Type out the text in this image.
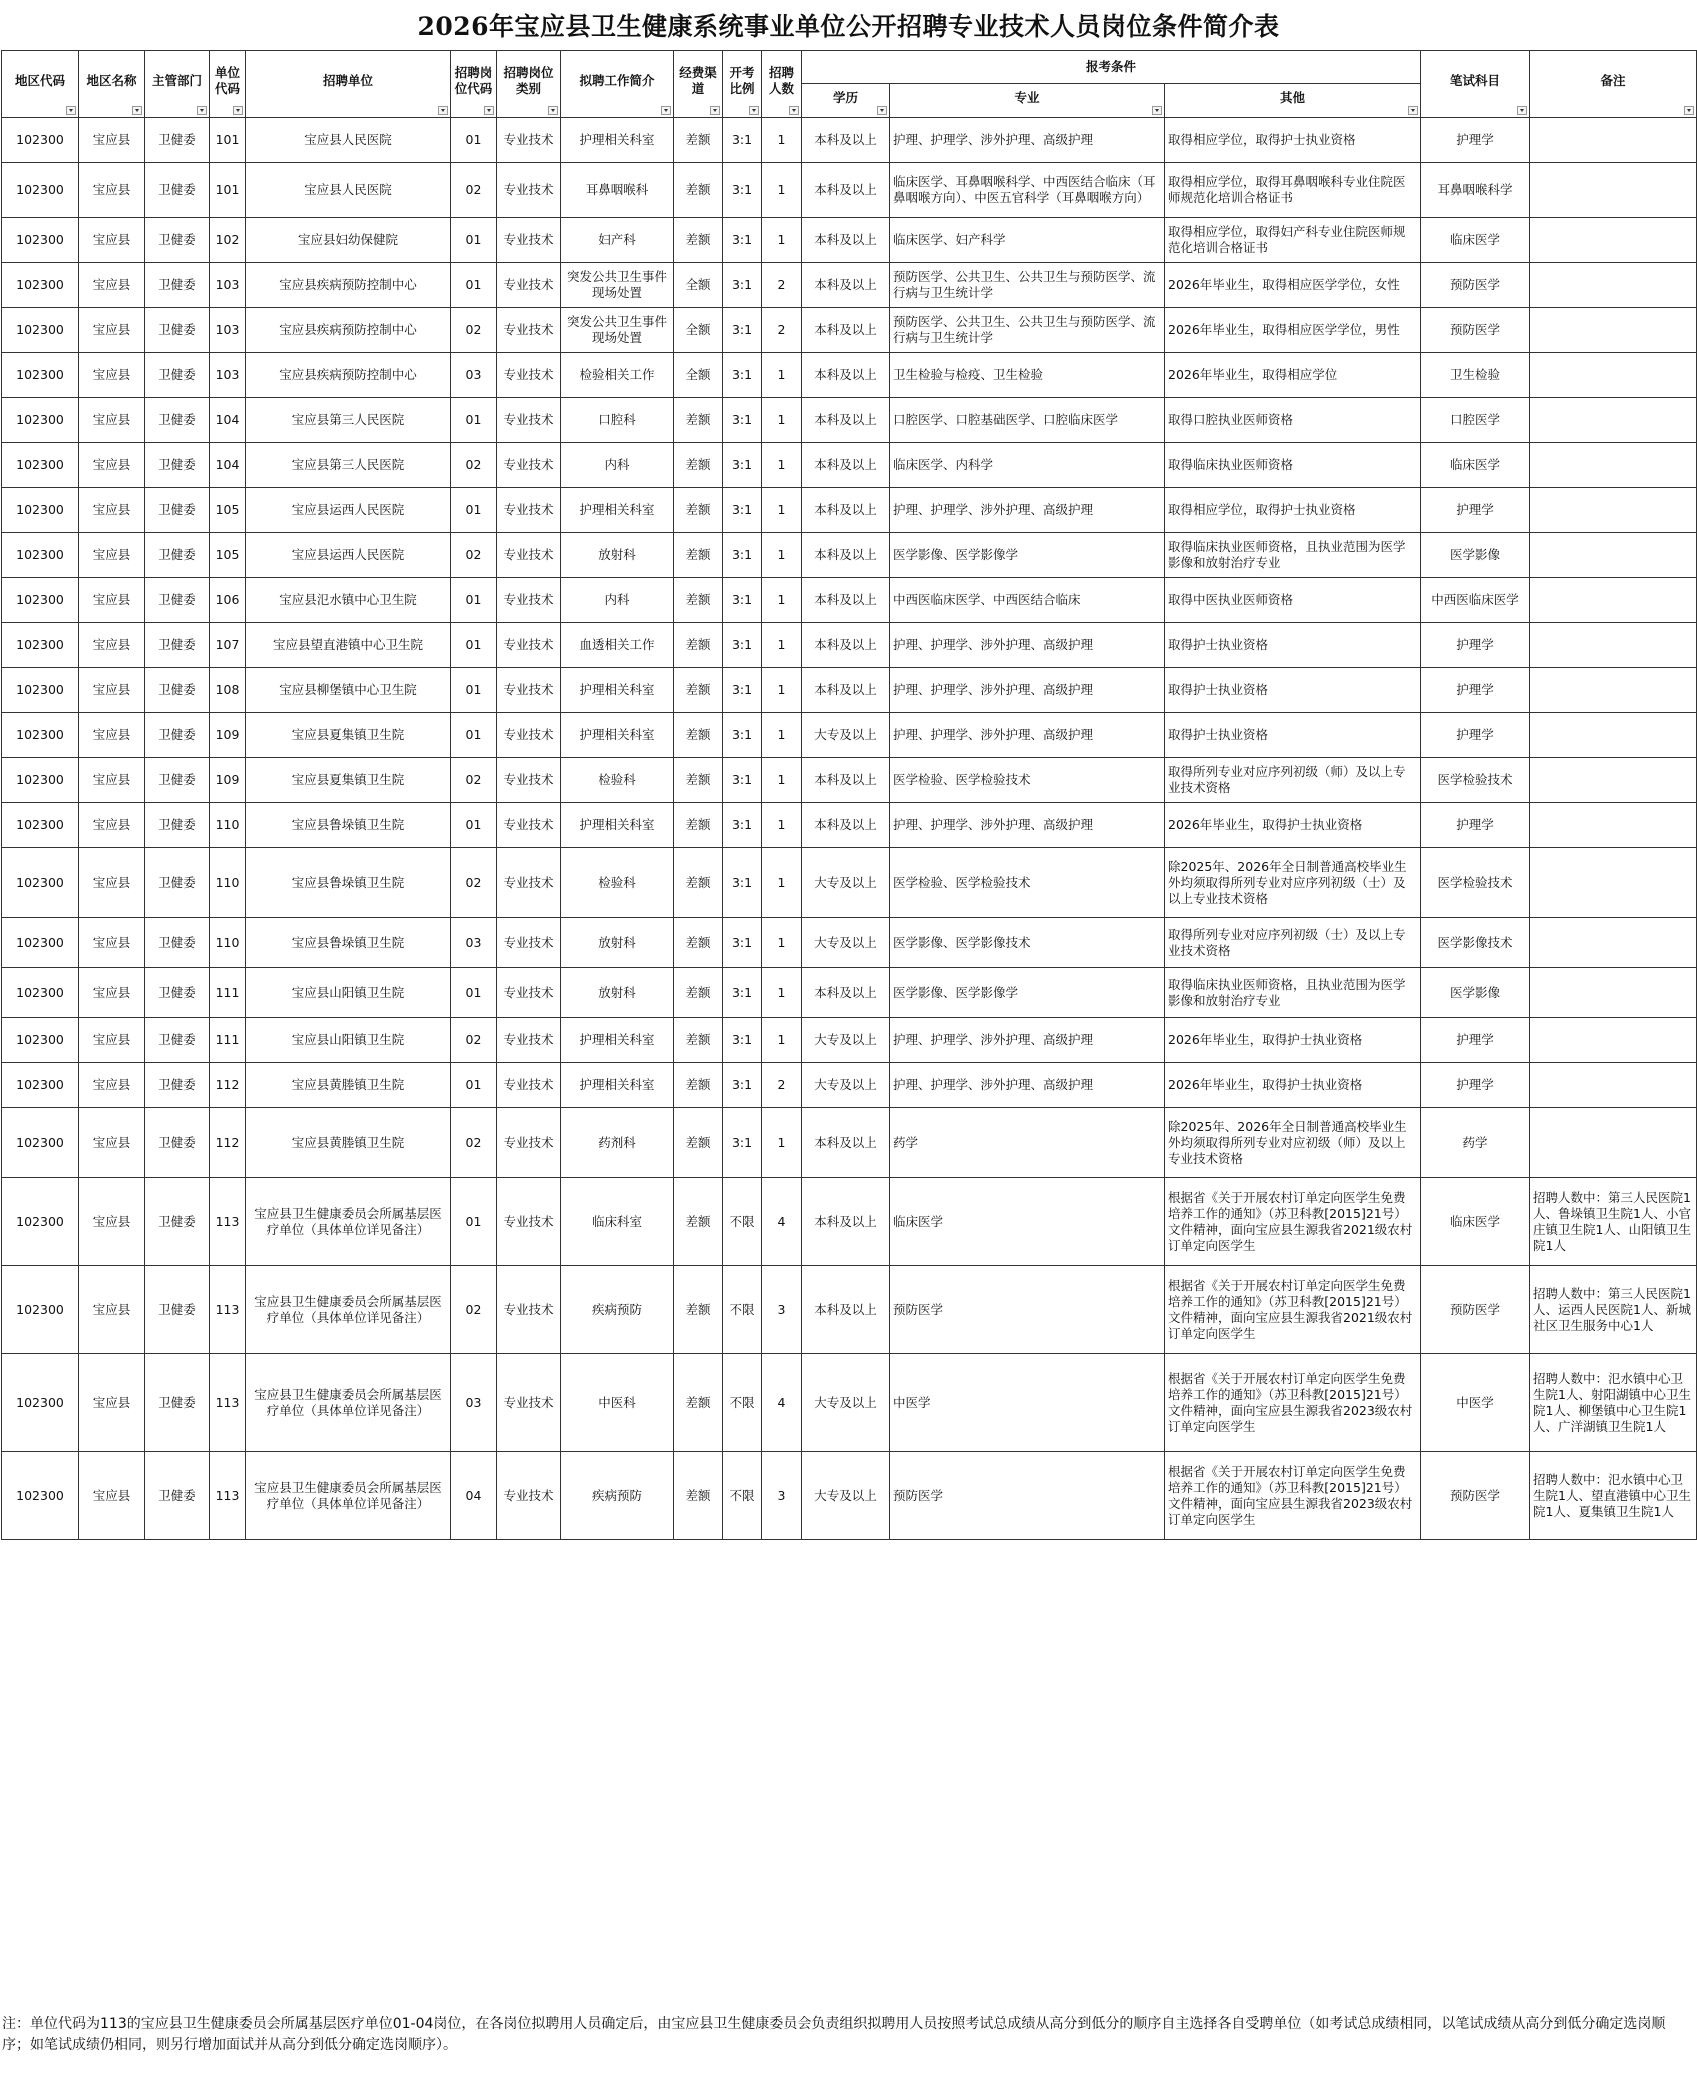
2026年宝应县卫生健康系统事业单位公开招聘专业技术人员岗位条件简介表
地区代码	地区名称	主管部门	单位代码	招聘单位	招聘岗位代码	招聘岗位类别	拟聘工作简介	经费渠道	开考比例	招聘人数	报考条件			笔试科目	备注

											学历	专业	其他		

102300	宝应县	卫健委	101	宝应县人民医院	01	专业技术	护理相关科室	差额	3:1	1	本科及以上	护理、护理学、涉外护理、高级护理	取得相应学位，取得护士执业资格	护理学	
102300	宝应县	卫健委	101	宝应县人民医院	02	专业技术	耳鼻咽喉科	差额	3:1	1	本科及以上	临床医学、耳鼻咽喉科学、中西医结合临床（耳鼻咽喉方向）、中医五官科学（耳鼻咽喉方向）	取得相应学位，取得耳鼻咽喉科专业住院医师规范化培训合格证书	耳鼻咽喉科学	
102300	宝应县	卫健委	102	宝应县妇幼保健院	01	专业技术	妇产科	差额	3:1	1	本科及以上	临床医学、妇产科学	取得相应学位，取得妇产科专业住院医师规范化培训合格证书	临床医学	
102300	宝应县	卫健委	103	宝应县疾病预防控制中心	01	专业技术	突发公共卫生事件现场处置	全额	3:1	2	本科及以上	预防医学、公共卫生、公共卫生与预防医学、流行病与卫生统计学	2026年毕业生，取得相应医学学位，女性	预防医学	
102300	宝应县	卫健委	103	宝应县疾病预防控制中心	02	专业技术	突发公共卫生事件现场处置	全额	3:1	2	本科及以上	预防医学、公共卫生、公共卫生与预防医学、流行病与卫生统计学	2026年毕业生，取得相应医学学位，男性	预防医学	
102300	宝应县	卫健委	103	宝应县疾病预防控制中心	03	专业技术	检验相关工作	全额	3:1	1	本科及以上	卫生检验与检疫、卫生检验	2026年毕业生，取得相应学位	卫生检验	
102300	宝应县	卫健委	104	宝应县第三人民医院	01	专业技术	口腔科	差额	3:1	1	本科及以上	口腔医学、口腔基础医学、口腔临床医学	取得口腔执业医师资格	口腔医学	
102300	宝应县	卫健委	104	宝应县第三人民医院	02	专业技术	内科	差额	3:1	1	本科及以上	临床医学、内科学	取得临床执业医师资格	临床医学	
102300	宝应县	卫健委	105	宝应县运西人民医院	01	专业技术	护理相关科室	差额	3:1	1	本科及以上	护理、护理学、涉外护理、高级护理	取得相应学位，取得护士执业资格	护理学	
102300	宝应县	卫健委	105	宝应县运西人民医院	02	专业技术	放射科	差额	3:1	1	本科及以上	医学影像、医学影像学	取得临床执业医师资格，且执业范围为医学影像和放射治疗专业	医学影像	
102300	宝应县	卫健委	106	宝应县氾水镇中心卫生院	01	专业技术	内科	差额	3:1	1	本科及以上	中西医临床医学、中西医结合临床	取得中医执业医师资格	中西医临床医学	
102300	宝应县	卫健委	107	宝应县望直港镇中心卫生院	01	专业技术	血透相关工作	差额	3:1	1	本科及以上	护理、护理学、涉外护理、高级护理	取得护士执业资格	护理学	
102300	宝应县	卫健委	108	宝应县柳堡镇中心卫生院	01	专业技术	护理相关科室	差额	3:1	1	本科及以上	护理、护理学、涉外护理、高级护理	取得护士执业资格	护理学	
102300	宝应县	卫健委	109	宝应县夏集镇卫生院	01	专业技术	护理相关科室	差额	3:1	1	大专及以上	护理、护理学、涉外护理、高级护理	取得护士执业资格	护理学	
102300	宝应县	卫健委	109	宝应县夏集镇卫生院	02	专业技术	检验科	差额	3:1	1	本科及以上	医学检验、医学检验技术	取得所列专业对应序列初级（师）及以上专业技术资格	医学检验技术	
102300	宝应县	卫健委	110	宝应县鲁垛镇卫生院	01	专业技术	护理相关科室	差额	3:1	1	本科及以上	护理、护理学、涉外护理、高级护理	2026年毕业生，取得护士执业资格	护理学	
102300	宝应县	卫健委	110	宝应县鲁垛镇卫生院	02	专业技术	检验科	差额	3:1	1	大专及以上	医学检验、医学检验技术	除2025年、2026年全日制普通高校毕业生外均须取得所列专业对应序列初级（士）及以上专业技术资格	医学检验技术	
102300	宝应县	卫健委	110	宝应县鲁垛镇卫生院	03	专业技术	放射科	差额	3:1	1	大专及以上	医学影像、医学影像技术	取得所列专业对应序列初级（士）及以上专业技术资格	医学影像技术	
102300	宝应县	卫健委	111	宝应县山阳镇卫生院	01	专业技术	放射科	差额	3:1	1	本科及以上	医学影像、医学影像学	取得临床执业医师资格，且执业范围为医学影像和放射治疗专业	医学影像	
102300	宝应县	卫健委	111	宝应县山阳镇卫生院	02	专业技术	护理相关科室	差额	3:1	1	大专及以上	护理、护理学、涉外护理、高级护理	2026年毕业生，取得护士执业资格	护理学	
102300	宝应县	卫健委	112	宝应县黄塍镇卫生院	01	专业技术	护理相关科室	差额	3:1	2	大专及以上	护理、护理学、涉外护理、高级护理	2026年毕业生，取得护士执业资格	护理学	
102300	宝应县	卫健委	112	宝应县黄塍镇卫生院	02	专业技术	药剂科	差额	3:1	1	本科及以上	药学	除2025年、2026年全日制普通高校毕业生外均须取得所列专业对应初级（师）及以上专业技术资格	药学	
102300	宝应县	卫健委	113	宝应县卫生健康委员会所属基层医疗单位（具体单位详见备注）	01	专业技术	临床科室	差额	不限	4	本科及以上	临床医学	根据省《关于开展农村订单定向医学生免费培养工作的通知》（苏卫科教[2015]21号）文件精神，面向宝应县生源我省2021级农村订单定向医学生	临床医学	招聘人数中：第三人民医院1人、鲁垛镇卫生院1人、小官庄镇卫生院1人、山阳镇卫生院1人
102300	宝应县	卫健委	113	宝应县卫生健康委员会所属基层医疗单位（具体单位详见备注）	02	专业技术	疾病预防	差额	不限	3	本科及以上	预防医学	根据省《关于开展农村订单定向医学生免费培养工作的通知》（苏卫科教[2015]21号）文件精神，面向宝应县生源我省2021级农村订单定向医学生	预防医学	招聘人数中：第三人民医院1人、运西人民医院1人、新城社区卫生服务中心1人
102300	宝应县	卫健委	113	宝应县卫生健康委员会所属基层医疗单位（具体单位详见备注）	03	专业技术	中医科	差额	不限	4	大专及以上	中医学	根据省《关于开展农村订单定向医学生免费培养工作的通知》（苏卫科教[2015]21号）文件精神，面向宝应县生源我省2023级农村订单定向医学生	中医学	招聘人数中：氾水镇中心卫生院1人、射阳湖镇中心卫生院1人、柳堡镇中心卫生院1人、广洋湖镇卫生院1人
102300	宝应县	卫健委	113	宝应县卫生健康委员会所属基层医疗单位（具体单位详见备注）	04	专业技术	疾病预防	差额	不限	3	大专及以上	预防医学	根据省《关于开展农村订单定向医学生免费培养工作的通知》（苏卫科教[2015]21号）文件精神，面向宝应县生源我省2023级农村订单定向医学生	预防医学	招聘人数中：氾水镇中心卫生院1人、望直港镇中心卫生院1人、夏集镇卫生院1人
注：单位代码为113的宝应县卫生健康委员会所属基层医疗单位01-04岗位，在各岗位拟聘用人员确定后，由宝应县卫生健康委员会负责组织拟聘用人员按照考试总成绩从高分到低分的顺序自主选择各自受聘单位（如考试总成绩相同，以笔试成绩从高分到低分确定选岗顺序；如笔试成绩仍相同，则另行增加面试并从高分到低分确定选岗顺序）。
